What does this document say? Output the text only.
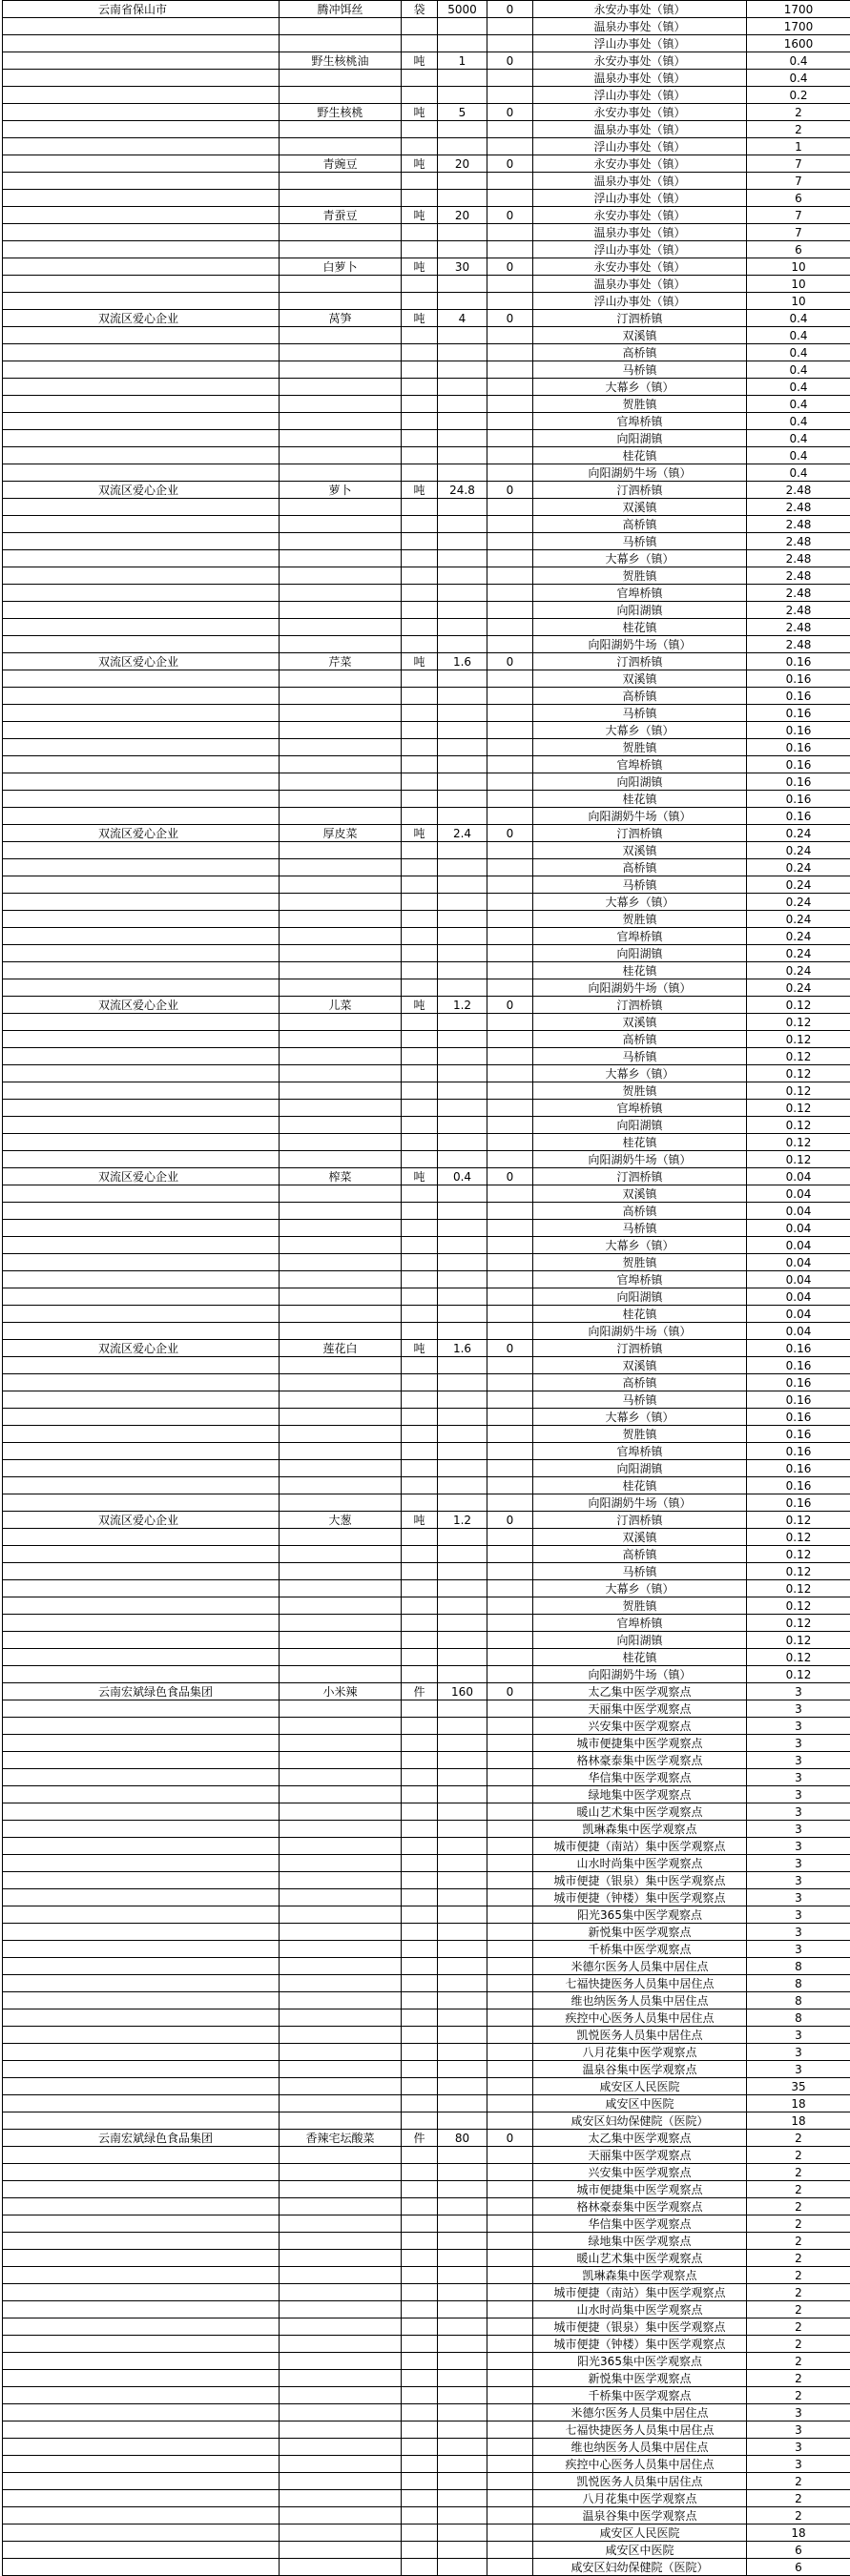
云南省保山市	腾冲饵丝	袋	5000	0	永安办事处（镇）	1700
					温泉办事处（镇）	1700
					浮山办事处（镇）	1600
	野生核桃油	吨	1	0	永安办事处（镇）	0.4
					温泉办事处（镇）	0.4
					浮山办事处（镇）	0.2
	野生核桃	吨	5	0	永安办事处（镇）	2
					温泉办事处（镇）	2
					浮山办事处（镇）	1
	青豌豆	吨	20	0	永安办事处（镇）	7
					温泉办事处（镇）	7
					浮山办事处（镇）	6
	青蚕豆	吨	20	0	永安办事处（镇）	7
					温泉办事处（镇）	7
					浮山办事处（镇）	6
	白萝卜	吨	30	0	永安办事处（镇）	10
					温泉办事处（镇）	10
					浮山办事处（镇）	10
双流区爱心企业	莴笋	吨	4	0	汀泗桥镇	0.4
					双溪镇	0.4
					高桥镇	0.4
					马桥镇	0.4
					大幕乡（镇）	0.4
					贺胜镇	0.4
					官埠桥镇	0.4
					向阳湖镇	0.4
					桂花镇	0.4
					向阳湖奶牛场（镇）	0.4
双流区爱心企业	萝卜	吨	24.8	0	汀泗桥镇	2.48
					双溪镇	2.48
					高桥镇	2.48
					马桥镇	2.48
					大幕乡（镇）	2.48
					贺胜镇	2.48
					官埠桥镇	2.48
					向阳湖镇	2.48
					桂花镇	2.48
					向阳湖奶牛场（镇）	2.48
双流区爱心企业	芹菜	吨	1.6	0	汀泗桥镇	0.16
					双溪镇	0.16
					高桥镇	0.16
					马桥镇	0.16
					大幕乡（镇）	0.16
					贺胜镇	0.16
					官埠桥镇	0.16
					向阳湖镇	0.16
					桂花镇	0.16
					向阳湖奶牛场（镇）	0.16
双流区爱心企业	厚皮菜	吨	2.4	0	汀泗桥镇	0.24
					双溪镇	0.24
					高桥镇	0.24
					马桥镇	0.24
					大幕乡（镇）	0.24
					贺胜镇	0.24
					官埠桥镇	0.24
					向阳湖镇	0.24
					桂花镇	0.24
					向阳湖奶牛场（镇）	0.24
双流区爱心企业	儿菜	吨	1.2	0	汀泗桥镇	0.12
					双溪镇	0.12
					高桥镇	0.12
					马桥镇	0.12
					大幕乡（镇）	0.12
					贺胜镇	0.12
					官埠桥镇	0.12
					向阳湖镇	0.12
					桂花镇	0.12
					向阳湖奶牛场（镇）	0.12
双流区爱心企业	榨菜	吨	0.4	0	汀泗桥镇	0.04
					双溪镇	0.04
					高桥镇	0.04
					马桥镇	0.04
					大幕乡（镇）	0.04
					贺胜镇	0.04
					官埠桥镇	0.04
					向阳湖镇	0.04
					桂花镇	0.04
					向阳湖奶牛场（镇）	0.04
双流区爱心企业	莲花白	吨	1.6	0	汀泗桥镇	0.16
					双溪镇	0.16
					高桥镇	0.16
					马桥镇	0.16
					大幕乡（镇）	0.16
					贺胜镇	0.16
					官埠桥镇	0.16
					向阳湖镇	0.16
					桂花镇	0.16
					向阳湖奶牛场（镇）	0.16
双流区爱心企业	大葱	吨	1.2	0	汀泗桥镇	0.12
					双溪镇	0.12
					高桥镇	0.12
					马桥镇	0.12
					大幕乡（镇）	0.12
					贺胜镇	0.12
					官埠桥镇	0.12
					向阳湖镇	0.12
					桂花镇	0.12
					向阳湖奶牛场（镇）	0.12
云南宏斌绿色食品集团	小米辣	件	160	0	太乙集中医学观察点	3
					天丽集中医学观察点	3
					兴安集中医学观察点	3
					城市便捷集中医学观察点	3
					格林豪泰集中医学观察点	3
					华信集中医学观察点	3
					绿地集中医学观察点	3
					暖山艺术集中医学观察点	3
					凯琳森集中医学观察点	3
					城市便捷（南站）集中医学观察点	3
					山水时尚集中医学观察点	3
					城市便捷（银泉）集中医学观察点	3
					城市便捷（钟楼）集中医学观察点	3
					阳光365集中医学观察点	3
					新悦集中医学观察点	3
					千桥集中医学观察点	3
					米德尔医务人员集中居住点	8
					七福快捷医务人员集中居住点	8
					维也纳医务人员集中居住点	8
					疾控中心医务人员集中居住点	8
					凯悦医务人员集中居住点	3
					八月花集中医学观察点	3
					温泉谷集中医学观察点	3
					咸安区人民医院	35
					咸安区中医院	18
					咸安区妇幼保健院（医院）	18
云南宏斌绿色食品集团	香辣宅坛酸菜	件	80	0	太乙集中医学观察点	2
					天丽集中医学观察点	2
					兴安集中医学观察点	2
					城市便捷集中医学观察点	2
					格林豪泰集中医学观察点	2
					华信集中医学观察点	2
					绿地集中医学观察点	2
					暖山艺术集中医学观察点	2
					凯琳森集中医学观察点	2
					城市便捷（南站）集中医学观察点	2
					山水时尚集中医学观察点	2
					城市便捷（银泉）集中医学观察点	2
					城市便捷（钟楼）集中医学观察点	2
					阳光365集中医学观察点	2
					新悦集中医学观察点	2
					千桥集中医学观察点	2
					米德尔医务人员集中居住点	3
					七福快捷医务人员集中居住点	3
					维也纳医务人员集中居住点	3
					疾控中心医务人员集中居住点	3
					凯悦医务人员集中居住点	2
					八月花集中医学观察点	2
					温泉谷集中医学观察点	2
					咸安区人民医院	18
					咸安区中医院	6
					咸安区妇幼保健院（医院）	6
